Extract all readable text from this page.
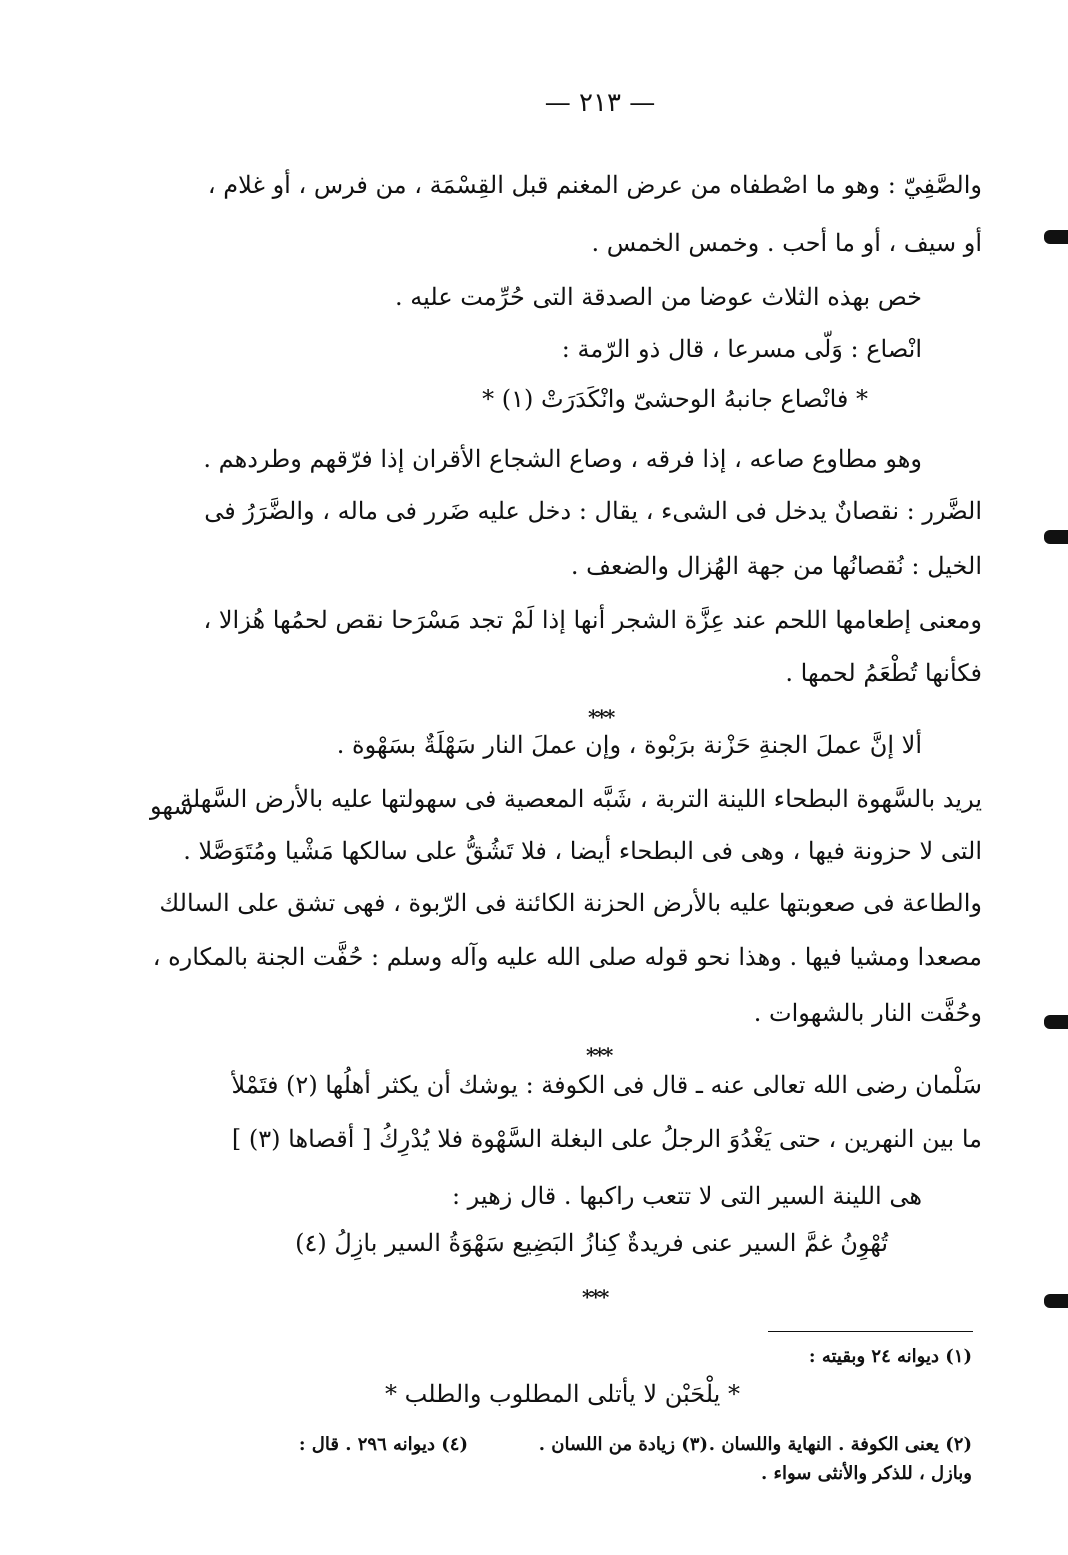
— ٢١٣ —
والصَّفِيّ : وهو ما اصْطفاه من عرض المغنم قبل القِسْمَة ، من فرس ، أو غلام ،
أو سيف ، أو ما أحب . وخمس الخمس .
خص بهذه الثلاث عوضا من الصدقة التى حُرِّمت عليه .
انْصاع : وَلّى مسرعا ، قال ذو الرّمة :
* فانْصاع جانبهُ الوحشىّ وانْكَدَرَتْ (١) *
وهو مطاوع صاعه ، إذا فرقه ، وصاع الشجاع الأقران إذا فرّقهم وطردهم .
الضَّرر : نقصانٌ يدخل فى الشىء ، يقال : دخل عليه ضَرر فى ماله ، والضَّرَرُ فى
الخيل : نُقصانُها من جهة الهُزال والضعف .
ومعنى إطعامها اللحم عند عِزَّة الشجر أنها إذا لَمْ تجد مَسْرَحا نقص لحمُها هُزالا ،
فكأنها تُطْعَمُ لحمها .
***
ألا إنَّ عملَ الجنةِ حَزْنة برَبْوة ، وإن عملَ النار سَهْلَةٌ بسَهْوة .
سهو
يريد بالسَّهوة البطحاء اللينة التربة ، شَبَّه المعصية فى سهولتها عليه بالأرض السَّهلة
التى لا حزونة فيها ، وهى فى البطحاء أيضا ، فلا تَشُقُّ على سالكها مَشْيا ومُتَوَصَّلا .
والطاعة فى صعوبتها عليه بالأرض الحزنة الكائنة فى الرّبوة ، فهى تشق على السالك
مصعدا ومشيا فيها . وهذا نحو قوله صلى الله عليه وآله وسلم : حُفَّت الجنة بالمكاره ،
وحُفَّت النار بالشهوات .
***
سَلْمان رضى الله تعالى عنه ـ قال فى الكوفة : يوشك أن يكثر أهلُها (٢) فتَمْلأ
ما بين النهرين ، حتى يَغْدُوَ الرجلُ على البغلة السَّهْوة فلا يُدْرِكُ [ أقصاها (٣) ]
هى اللينة السير التى لا تتعب راكبها . قال زهير :
تُهْوِنُ غمَّ السير عنى فريدةٌ كِنازُ البَضِيع سَهْوَةُ السير بازِلُ (٤)
***
(١) ديوانه ٢٤ وبقيته :
* يلْحَبْن لا يأتلى المطلوب والطلب *
(٢) يعنى الكوفة . النهاية واللسان .
(٣) زيادة من اللسان .
(٤) ديوانه ٢٩٦ . قال :
وبازل ، للذكر والأنثى سواء .
